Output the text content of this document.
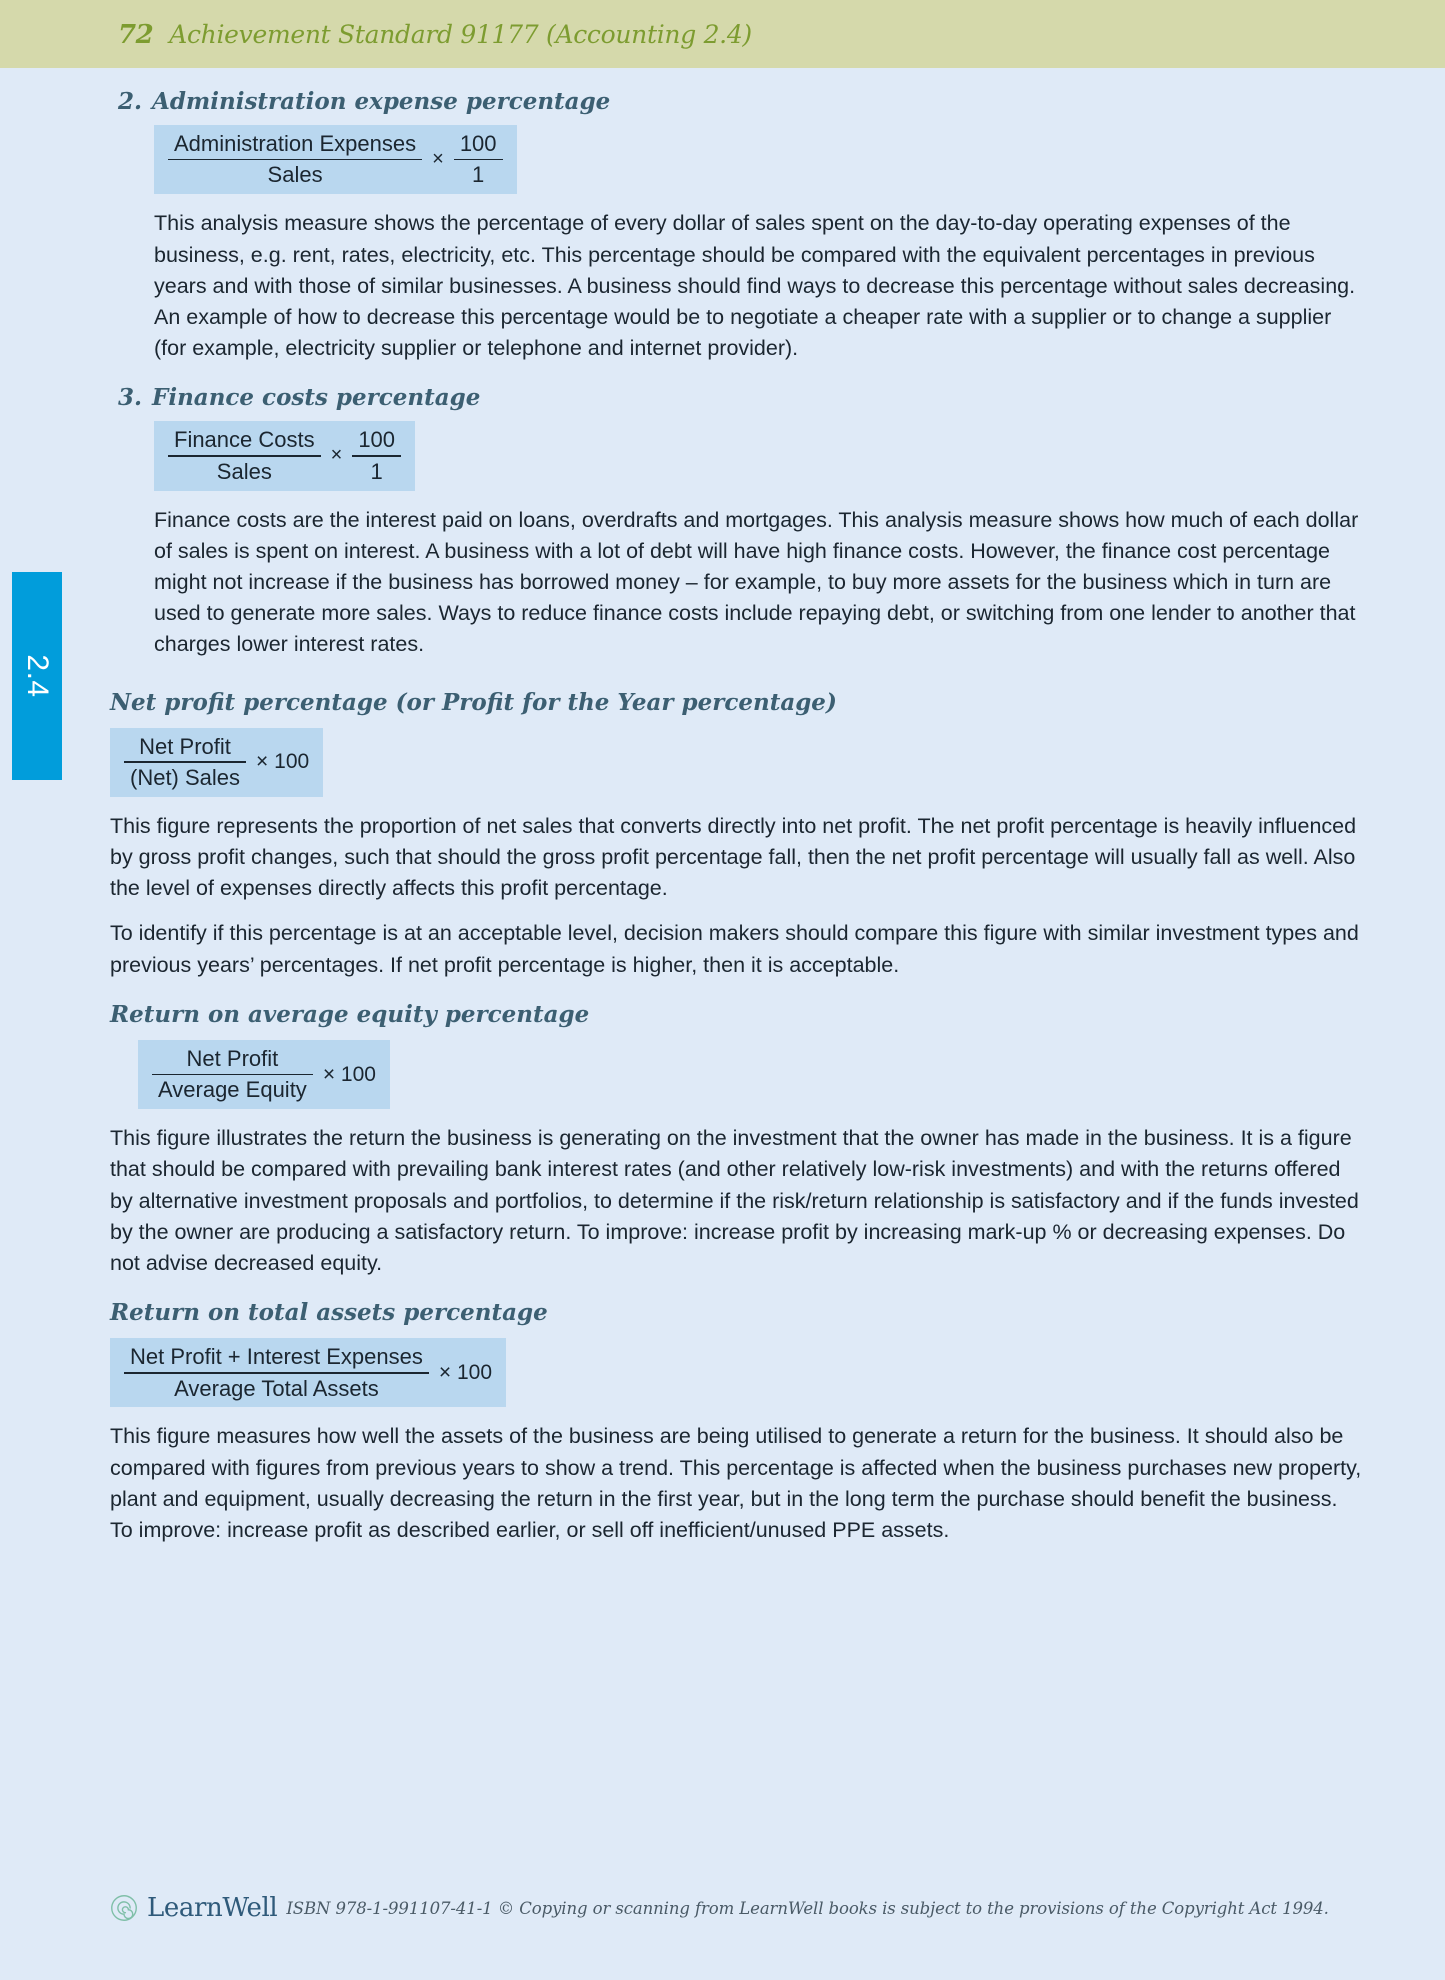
72 Achievement Standard 91177 (Accounting 2.4)
2.4
2. Administration expense percentage
$\frac{\text{Administration Expenses}}{\text{Sales}} \times \frac{100}{1}$

This analysis measure shows the percentage of every dollar of sales spent on the day-to-day operating expenses of the business, e.g. rent, rates, electricity, etc. This percentage should be compared with the equivalent percentages in previous years and with those of similar businesses. A business should find ways to decrease this percentage without sales decreasing. An example of how to decrease this percentage would be to negotiate a cheaper rate with a supplier or to change a supplier (for example, electricity supplier or telephone and internet provider).

3. Finance costs percentage
$\frac{\text{Finance Costs}}{\text{Sales}} \times \frac{100}{1}$

Finance costs are the interest paid on loans, overdrafts and mortgages. This analysis measure shows how much of each dollar of sales is spent on interest. A business with a lot of debt will have high finance costs. However, the finance cost percentage might not increase if the business has borrowed money – for example, to buy more assets for the business which in turn are used to generate more sales. Ways to reduce finance costs include repaying debt, or switching from one lender to another that charges lower interest rates.

Net profit percentage (or Profit for the Year percentage)
$\frac{\text{Net Profit}}{\text{(Net) Sales}} \times 100$

This figure represents the proportion of net sales that converts directly into net profit. The net profit percentage is heavily influenced by gross profit changes, such that should the gross profit percentage fall, then the net profit percentage will usually fall as well. Also the level of expenses directly affects this profit percentage.

To identify if this percentage is at an acceptable level, decision makers should compare this figure with similar investment types and previous years’ percentages. If net profit percentage is higher, then it is acceptable.

Return on average equity percentage
$\frac{\text{Net Profit}}{\text{Average Equity}} \times 100$

This figure illustrates the return the business is generating on the investment that the owner has made in the business. It is a figure that should be compared with prevailing bank interest rates (and other relatively low-risk investments) and with the returns offered by alternative investment proposals and portfolios, to determine if the risk/return relationship is satisfactory and if the funds invested by the owner are producing a satisfactory return. To improve: increase profit by increasing mark-up % or decreasing expenses. Do not advise decreased equity.

Return on total assets percentage
$\frac{\text{Net Profit + Interest Expenses}}{\text{Average Total Assets}} \times 100$

This figure measures how well the assets of the business are being utilised to generate a return for the business. It should also be compared with figures from previous years to show a trend. This percentage is affected when the business purchases new property, plant and equipment, usually decreasing the return in the first year, but in the long term the purchase should benefit the business. To improve: increase profit as described earlier, or sell off inefficient/unused PPE assets.

LearnWell ISBN 978-1-991107-41-1 © Copying or scanning from LearnWell books is subject to the provisions of the Copyright Act 1994.
